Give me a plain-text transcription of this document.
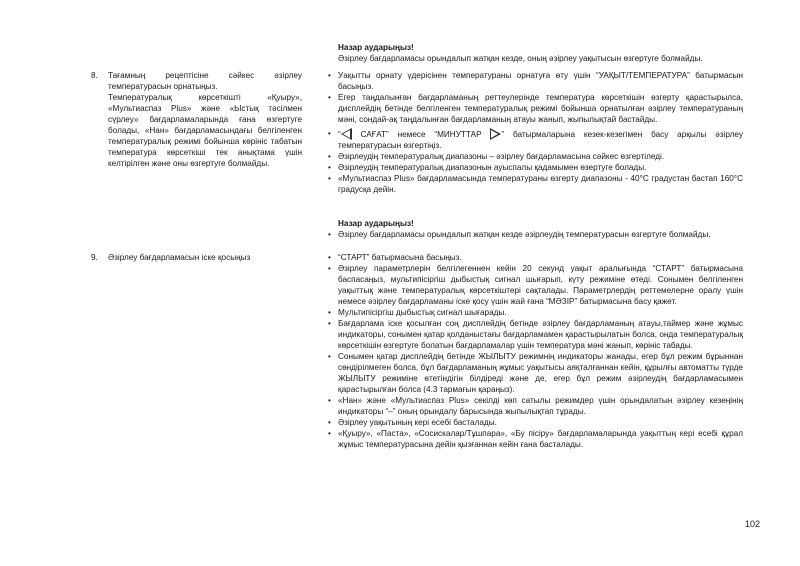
Назар аударыңыз!
Әзірлеу бағдарламасы орындалып жатқан кезде, оның әзірлеу уақытысын өзгертуге болмайды.
8. Тағамның рецептісіне сәйкес әзірлеу температурасын орнатыңыз.
Температуралық көрсеткішті «Қуыру», «Мультиаспаз Plus» және «Ыстық тәсілмен сүрлеу» бағдарламаларында ғана өзгертуге болады, «Нан» бағдарламасындағы белгіленген температуралық режимі бойынша көрініс табатын температура көрсеткіші тек анықтама үшін келтірілген және оны өзгертуге болмайды.
• Уақытты орнату үдерісінен температураны орнатуға өту үшін “УАҚЫТ/ТЕМПЕРАТУРА” батырмасын басыңыз.
• Егер таңдалынған бағдарламаның реттеулерінде температура көрсеткішін өзгерту қарастырылса, дисплейдің бетінде белгіленген температуралық режимі бойынша орнатылған әзірлеу температураның мәні, сондай-ақ таңдалынған бағдарламаның атауы жанып, жыпылықтай бастайды.
• “ САҒАТ” немесе “МИНУТТАР ” батырмаларына кезек-кезегімен басу арқылы әзірлеу температурасын өзгертіңіз.
• Әзірлеудің температуралық диапазоны – әзірлеу бағдарламасына сәйкес өзгертіледі.
• Әзірлеудің температуралық диапазонын ауыспалы қадамымен өзертуге болады.
• «Мультиаспаз Plus» бағдарламасында температураны өзгерту диапазоны - 40°С градустан бастап 160°С градусқа дейін.
Назар аударыңыз!
• Әзірлеу бағдарламасы орындалып жатқан кезде әзірлеудің температурасын өзгертуге болмайды.
9. Әзірлеу бағдарламасын іске қосыңыз
•	“СТАРТ” батырмасына басыңыз.
• Әзірлеу параметрлерін белгілегеннен кейін 20 секунд уақыт аралығында “СТАРТ” батырмасына баспасаңыз, мультипісіргіш дыбыстық сигнал шығарып, күту режиміне өтеді. Сонымен белгіленген уақыттық және температуралық көрсеткіштері сақталады. Параметрлердің реттемелерне оралу үшін немесе әзірлеу бағдарламаны іске қосу үшін жай ғана “МӘЗІР” батырмасына басу қажет.
• Мультипісіргіш дыбыстық сигнал шығарады.
• Бағдарлама іске қосылған соң дисплейдің бетінде әзірлеу бағдарламаның атауы,таймер және жұмыс индикаторы, сонымен қатар қолданыстағы бағдарламамен қарастырылатын болса, онда температуралық көрсеткішін өзгертуге болатын бағдарламалар үшін температура мәні жанып, көрініс табады.
• Сонымен қатар дисплейдің бетінде ЖЫЛЫТУ режимнің индикаторы жанады, егер бұл режим бұрыннан сөндірілмеген болса, бұл бағдарламаның жұмыс уақытысы аяқталғаннан кейін, құрылғы автоматты түрде ЖЫЛЫТУ режиміне өтетіндігін білдіреді және де, егер бұл режим әзірлеудің бағдарламасымен қарастырылған болса (4.3 тармағын қараңыз).
• «Нан» және «Мультиаспаз Plus» секілді көп сатылы режимдер үшін орындалатын әзірлеу кезеңінің индикаторы “–” оның орындалу барысында жыпылықтап тұрады.
• Әзірлеу уақытының кері есебі басталады.
• «Қуыру», «Паста», «Сосискалар/Тұшпара», «Бу пісіру» бағдарламаларында уақыттың кері есебі құрал жұмыс температурасына дейін қызғаннан кейін ғана басталады.
102
